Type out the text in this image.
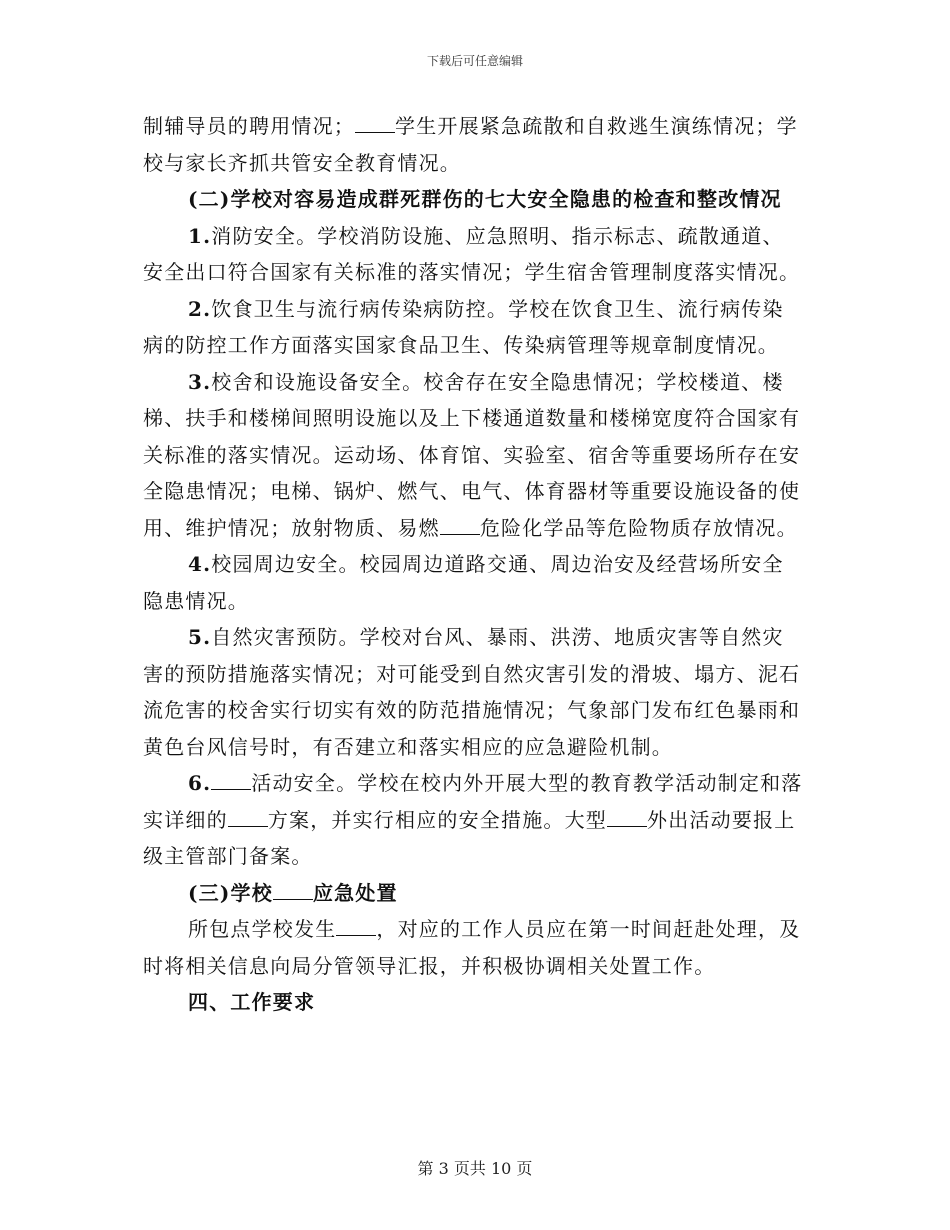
下载后可任意编辑

制辅导员的聘用情况； 学生开展紧急疏散和自救逃生演练情况；学校与家长齐抓共管安全教育情况。

(二)学校对容易造成群死群伤的七大安全隐患的检查和整改情况

1.消防安全。学校消防设施、应急照明、指示标志、疏散通道、安全出口符合国家有关标准的落实情况；学生宿舍管理制度落实情况。

2.饮食卫生与流行病传染病防控。学校在饮食卫生、流行病传染病的防控工作方面落实国家食品卫生、传染病管理等规章制度情况。

3.校舍和设施设备安全。校舍存在安全隐患情况；学校楼道、楼梯、扶手和楼梯间照明设施以及上下楼通道数量和楼梯宽度符合国家有关标准的落实情况。运动场、体育馆、实验室、宿舍等重要场所存在安全隐患情况；电梯、锅炉、燃气、电气、体育器材等重要设施设备的使用、维护情况；放射物质、易燃 危险化学品等危险物质存放情况。

4.校园周边安全。校园周边道路交通、周边治安及经营场所安全隐患情况。

5.自然灾害预防。学校对台风、暴雨、洪涝、地质灾害等自然灾害的预防措施落实情况；对可能受到自然灾害引发的滑坡、塌方、泥石流危害的校舍实行切实有效的防范措施情况；气象部门发布红色暴雨和黄色台风信号时，有否建立和落实相应的应急避险机制。

6. 活动安全。学校在校内外开展大型的教育教学活动制定和落实详细的 方案，并实行相应的安全措施。大型 外出活动要报上级主管部门备案。

(三)学校 应急处置

所包点学校发生 ，对应的工作人员应在第一时间赶赴处理，及时将相关信息向局分管领导汇报，并积极协调相关处置工作。

四、工作要求

第 3 页共 10 页
